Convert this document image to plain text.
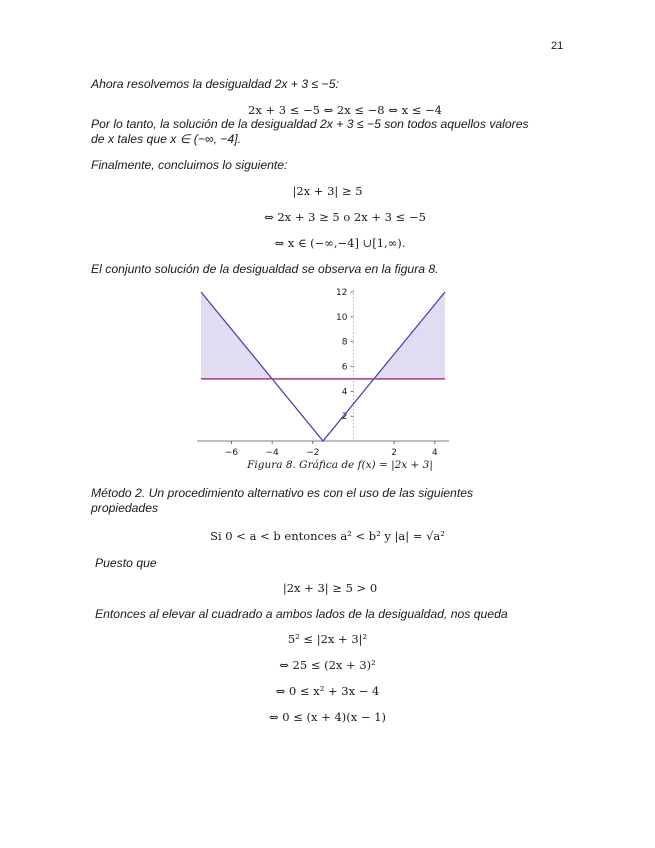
21
Ahora resolvemos la desigualdad 2x + 3 ≤ −5:
2x + 3 ≤ −5 ⇔ 2x ≤ −8 ⇔ x ≤ −4
Por lo tanto, la solución de la desigualdad 2x + 3 ≤ −5 son todos aquellos valores
de x tales que x ∈ (−∞, −4].
Finalmente, concluimos lo siguiente:
|2x + 3| ≥ 5
⇔ 2x + 3 ≥ 5 o 2x + 3 ≤ −5
⇔ x ∈ (−∞,−4] ∪[1,∞).
El conjunto solución de la desigualdad se observa en la figura 8.
−6	−4	−2	2	4
2
4
6
8
10
12
Figura 8. Gráfica de f(x) = |2x + 3|
Método 2. Un procedimiento alternativo es con el uso de las siguientes
propiedades
Si 0 < a < b entonces a² < b² y |a| = √a²
Puesto que
|2x + 3| ≥ 5 > 0
Entonces al elevar al cuadrado a ambos lados de la desigualdad, nos queda
5² ≤ |2x + 3|²
⇔ 25 ≤ (2x + 3)²
⇔ 0 ≤ x² + 3x − 4
⇔ 0 ≤ (x + 4)(x − 1)
